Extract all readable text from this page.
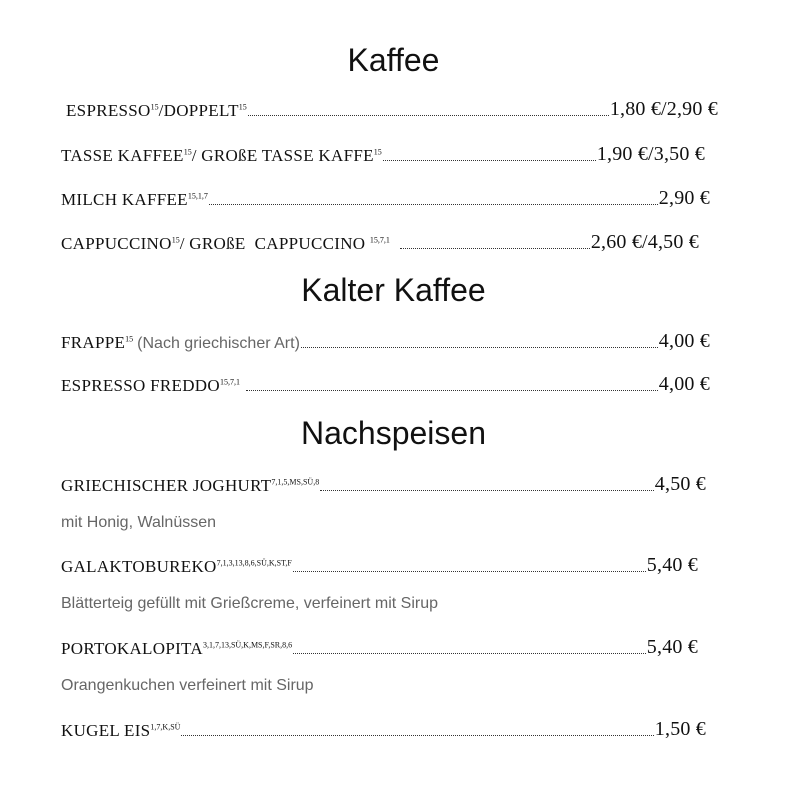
Kaffee
ESPRESSO$^{15}$/DOPPELT$^{15}$	1,80 €/2,90 €
TASSE KAFFEE$^{15}$/ GROßE TASSE KAFFE$^{15}$	1,90 €/3,50 €
MILCH KAFFEE$^{15,1,7}$	2,90 €
CAPPUCCINO$^{15}$/ GROßE  CAPPUCCINO $^{15,7,1}$	2,60 €/4,50 €
Kalter Kaffee
FRAPPE$^{15}$ (Nach griechischer Art)	4,00 €
ESPRESSO FREDDO$^{15,7,1}$	4,00 €
Nachspeisen
GRIECHISCHER $JOGHURT^{7,1,5,MS,SÜ,8}$	4,50 €
mit Honig, Walnüssen
$GALAKTOBUREKO^{7,1,3,13,8,6,SÜ,K,ST,F}$	5,40 €
Blätterteig gefüllt mit Grießcreme, verfeinert mit Sirup
$PORTOKALOPITA^{3,1,7,13,SÜ,K,MS,F,SR,8,6}$	5,40 €
Orangenkuchen verfeinert mit Sirup
KUGEL $EIS^{1,7,K,SÜ}$	1,50 €
